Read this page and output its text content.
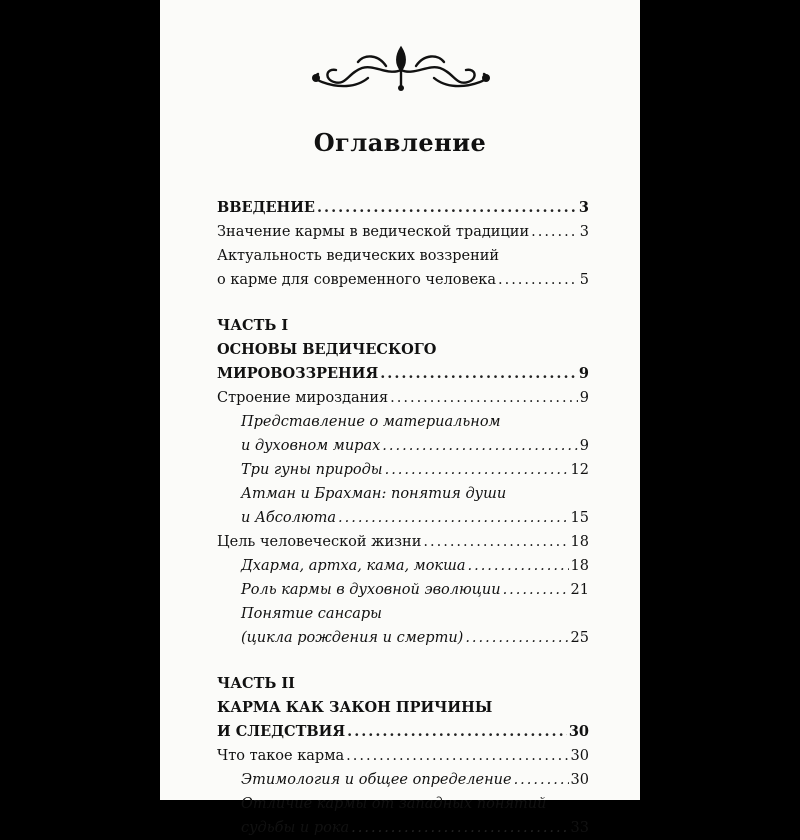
Оглавление
ВВЕДЕНИЕ .....	3
Значение кармы в ведической традиции .....	3
Актуальность ведических воззрений
о карме для современного человека .....	5
ЧАСТЬ I
ОСНОВЫ ВЕДИЧЕСКОГО
МИРОВОЗЗРЕНИЯ .....	9
Строение мироздания .....	9
Представление о материальном
и духовном мирах .....	9
Три гуны природы .....	12
Атман и Брахман: понятия души
и Абсолюта .....	15
Цель человеческой жизни .....	18
Дхарма, артха, кама, мокша .....	18
Роль кармы в духовной эволюции .....	21
Понятие сансары
(цикла рождения и смерти) .....	25
ЧАСТЬ II
КАРМА КАК ЗАКОН ПРИЧИНЫ
И СЛЕДСТВИЯ .....	30
Что такое карма .....	30
Этимология и общее определение .....	30
Отличие кармы от западных понятий
судьбы и рока .....	33
